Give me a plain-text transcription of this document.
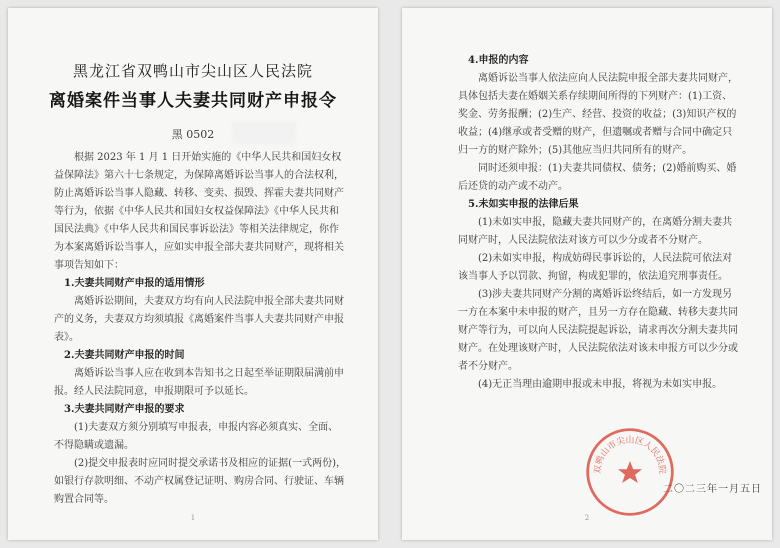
黑龙江省双鸭山市尖山区人民法院
离婚案件当事人夫妻共同财产申报令
黑 0502

根据 2023 年 1 月 1 日开始实施的《中华人民共和国妇女权益保障法》第六十七条规定，为保障离婚诉讼当事人的合法权利，防止离婚诉讼当事人隐藏、转移、变卖、损毁、挥霍夫妻共同财产等行为，依据《中华人民共和国妇女权益保障法》《中华人民共和国民法典》《中华人民共和国民事诉讼法》等相关法律规定，你作为本案离婚诉讼当事人，应如实申报全部夫妻共同财产，现将相关事项告知如下：

1.夫妻共同财产申报的适用情形

离婚诉讼期间，夫妻双方均有向人民法院申报全部夫妻共同财产的义务，夫妻双方均须填报《离婚案件当事人夫妻共同财产申报表》。

2.夫妻共同财产申报的时间

离婚诉讼当事人应在收到本告知书之日起至举证期限届满前申报。经人民法院同意，申报期限可予以延长。

3.夫妻共同财产申报的要求

(1)夫妻双方须分别填写申报表，申报内容必须真实、全面、不得隐瞒或遗漏。

(2)提交申报表时应同时提交承诺书及相应的证据(一式两份)，如银行存款明细、不动产权属登记证明、购房合同、行驶证、车辆购置合同等。

1

4.申报的内容

离婚诉讼当事人依法应向人民法院申报全部夫妻共同财产，具体包括夫妻在婚姻关系存续期间所得的下列财产：(1)工资、奖金、劳务报酬；(2)生产、经营、投资的收益；(3)知识产权的收益；(4)继承或者受赠的财产，但遗嘱或者赠与合同中确定只归一方的财产除外；(5)其他应当归共同所有的财产。

同时还须申报：(1)夫妻共同债权、债务；(2)婚前购买、婚后还贷的动产或不动产。

5.未如实申报的法律后果

(1)未如实申报，隐藏夫妻共同财产的，在离婚分割夫妻共同财产时，人民法院依法对该方可以少分或者不分财产。

(2)未如实申报，构成妨碍民事诉讼的，人民法院可依法对该当事人予以罚款、拘留，构成犯罪的，依法追究刑事责任。

(3)涉夫妻共同财产分割的离婚诉讼终结后，如一方发现另一方在本案中未申报的财产，且另一方存在隐藏、转移夫妻共同财产等行为，可以向人民法院提起诉讼，请求再次分割夫妻共同财产。在处理该财产时，人民法院依法对该未申报方可以少分或者不分财产。

(4)无正当理由逾期申报或未申报，将视为未如实申报。

双鸭山市尖山区人民法院
二〇二三年一月五日
2
